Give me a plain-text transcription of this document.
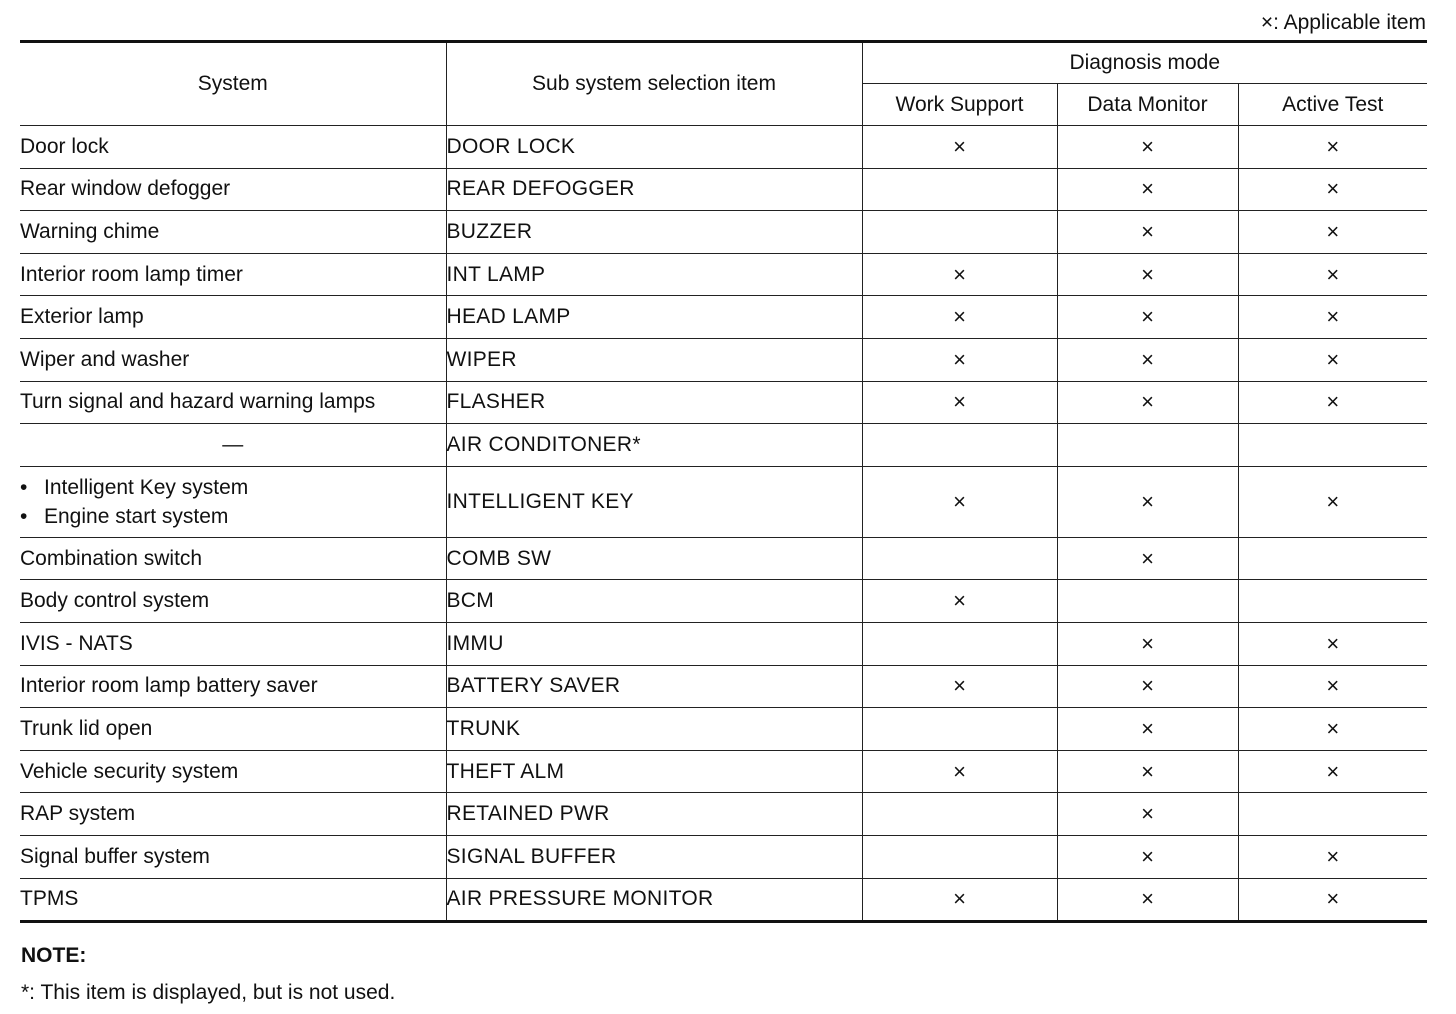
×: Applicable item
System	Sub system selection item	Diagnosis mode		
		Work Support	Data Monitor	Active Test
Door lock	DOOR LOCK	×	×	×
Rear window defogger	REAR DEFOGGER		×	×
Warning chime	BUZZER		×	×
Interior room lamp timer	INT LAMP	×	×	×
Exterior lamp	HEAD LAMP	×	×	×
Wiper and washer	WIPER	×	×	×
Turn signal and hazard warning lamps	FLASHER	×	×	×
—	AIR CONDITONER*			

• Intelligent Key system
• Engine start system	INTELLIGENT KEY	×	×	×
Combination switch	COMB SW		×	
Body control system	BCM	×		
IVIS - NATS	IMMU		×	×
Interior room lamp battery saver	BATTERY SAVER	×	×	×
Trunk lid open	TRUNK		×	×
Vehicle security system	THEFT ALM	×	×	×
RAP system	RETAINED PWR		×	
Signal buffer system	SIGNAL BUFFER		×	×
TPMS	AIR PRESSURE MONITOR	×	×	×
NOTE:
*: This item is displayed, but is not used.
